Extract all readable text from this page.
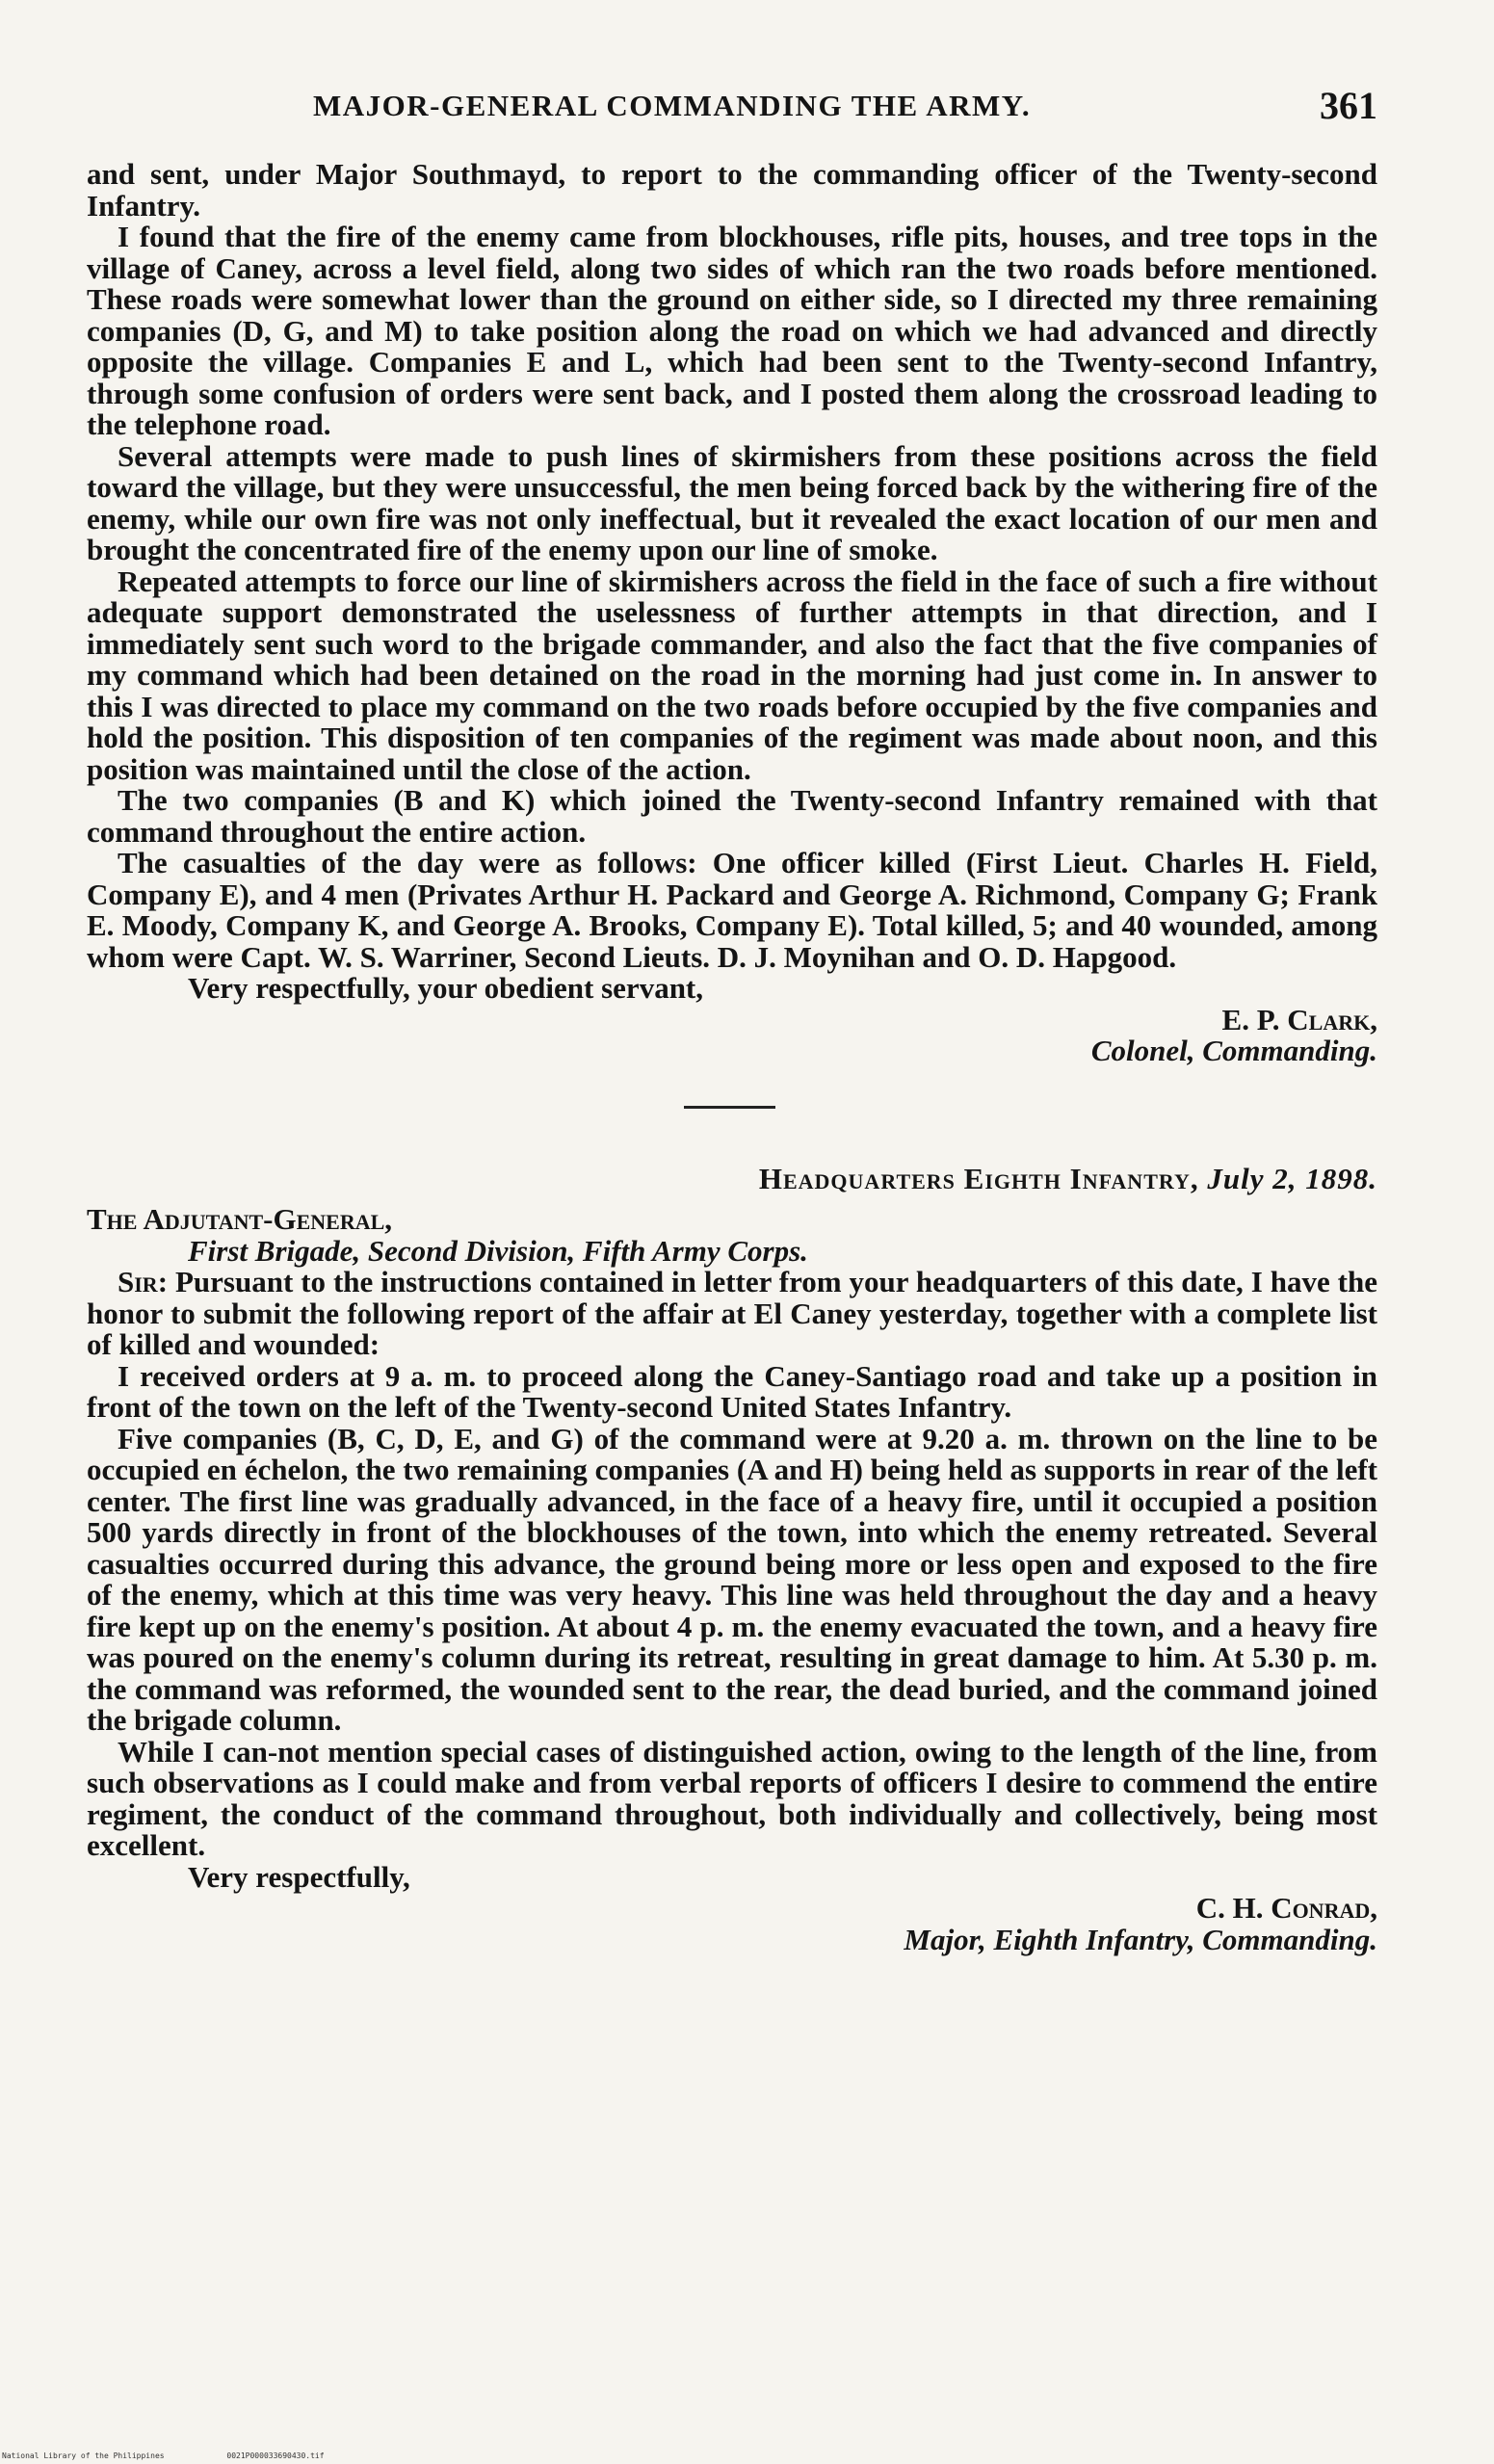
MAJOR-GENERAL COMMANDING THE ARMY.	361

and sent, under Major Southmayd, to report to the commanding officer of the Twenty-second Infantry.

I found that the fire of the enemy came from blockhouses, rifle pits, houses, and tree tops in the village of Caney, across a level field, along two sides of which ran the two roads before mentioned. These roads were somewhat lower than the ground on either side, so I directed my three remaining companies (D, G, and M) to take position along the road on which we had advanced and directly opposite the village. Companies E and L, which had been sent to the Twenty-second Infantry, through some confusion of orders were sent back, and I posted them along the crossroad leading to the telephone road.

Several attempts were made to push lines of skirmishers from these positions across the field toward the village, but they were unsuccessful, the men being forced back by the withering fire of the enemy, while our own fire was not only ineffectual, but it revealed the exact location of our men and brought the concentrated fire of the enemy upon our line of smoke.

Repeated attempts to force our line of skirmishers across the field in the face of such a fire without adequate support demonstrated the uselessness of further attempts in that direction, and I immediately sent such word to the brigade commander, and also the fact that the five companies of my command which had been detained on the road in the morning had just come in. In answer to this I was directed to place my command on the two roads before occupied by the five companies and hold the position. This disposition of ten companies of the regiment was made about noon, and this position was maintained until the close of the action.

The two companies (B and K) which joined the Twenty-second Infantry remained with that command throughout the entire action.

The casualties of the day were as follows: One officer killed (First Lieut. Charles H. Field, Company E), and 4 men (Privates Arthur H. Packard and George A. Richmond, Company G; Frank E. Moody, Company K, and George A. Brooks, Company E). Total killed, 5; and 40 wounded, among whom were Capt. W. S. Warriner, Second Lieuts. D. J. Moynihan and O. D. Hapgood.

Very respectfully, your obedient servant,

E. P. Clark,

Colonel, Commanding.

Headquarters Eighth Infantry, July 2, 1898.

The Adjutant-General,

First Brigade, Second Division, Fifth Army Corps.

Sir: Pursuant to the instructions contained in letter from your headquarters of this date, I have the honor to submit the following report of the affair at El Caney yesterday, together with a complete list of killed and wounded:

I received orders at 9 a. m. to proceed along the Caney-Santiago road and take up a position in front of the town on the left of the Twenty-second United States Infantry.

Five companies (B, C, D, E, and G) of the command were at 9.20 a. m. thrown on the line to be occupied en échelon, the two remaining companies (A and H) being held as supports in rear of the left center. The first line was gradually advanced, in the face of a heavy fire, until it occupied a position 500 yards directly in front of the blockhouses of the town, into which the enemy retreated. Several casualties occurred during this advance, the ground being more or less open and exposed to the fire of the enemy, which at this time was very heavy. This line was held throughout the day and a heavy fire kept up on the enemy's position. At about 4 p. m. the enemy evacuated the town, and a heavy fire was poured on the enemy's column during its retreat, resulting in great damage to him. At 5.30 p. m. the command was reformed, the wounded sent to the rear, the dead buried, and the command joined the brigade column.

While I can-not mention special cases of distinguished action, owing to the length of the line, from such observations as I could make and from verbal reports of officers I desire to commend the entire regiment, the conduct of the command throughout, both individually and collectively, being most excellent.

Very respectfully,

C. H. Conrad,

Major, Eighth Infantry, Commanding.

National Library of the Philippines	0021P000033690430.tif
